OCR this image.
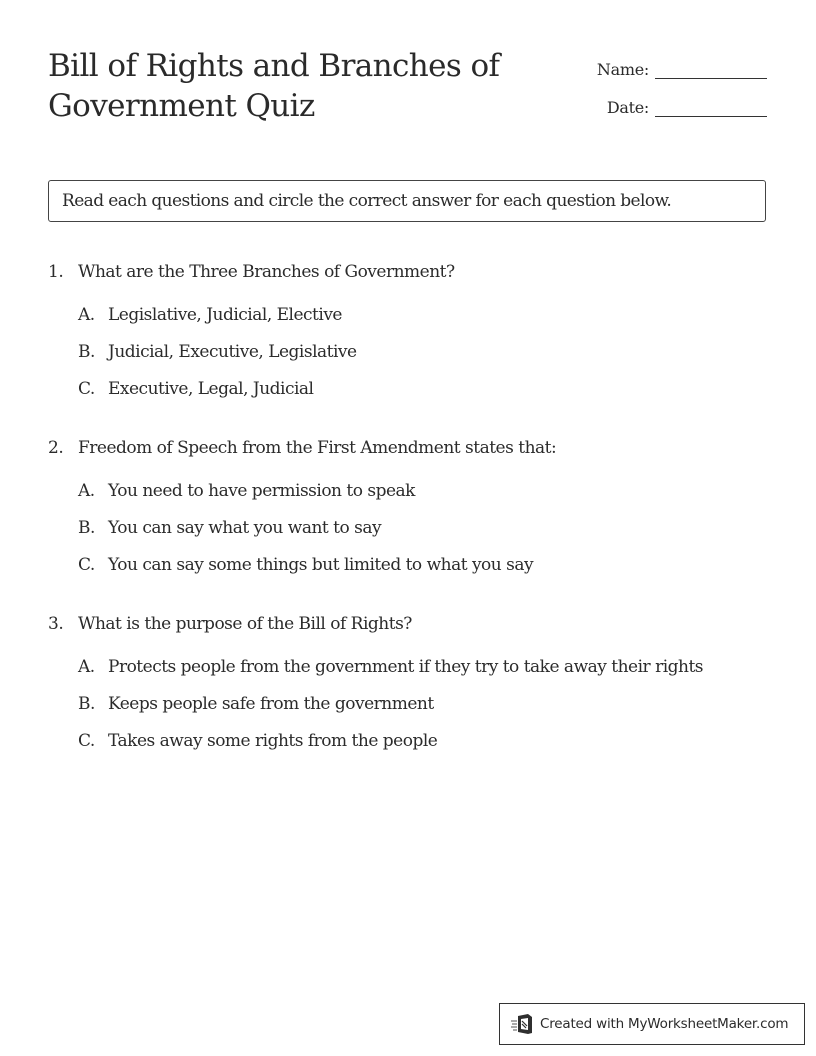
Bill of Rights and Branches of Government Quiz
Name:
Date:
Read each questions and circle the correct answer for each question below.
1. What are the Three Branches of Government?
A. Legislative, Judicial, Elective
B. Judicial, Executive, Legislative
C. Executive, Legal, Judicial
2. Freedom of Speech from the First Amendment states that:
A. You need to have permission to speak
B. You can say what you want to say
C. You can say some things but limited to what you say
3. What is the purpose of the Bill of Rights?
A. Protects people from the government if they try to take away their rights
B. Keeps people safe from the government
C. Takes away some rights from the people
Created with MyWorksheetMaker.com
